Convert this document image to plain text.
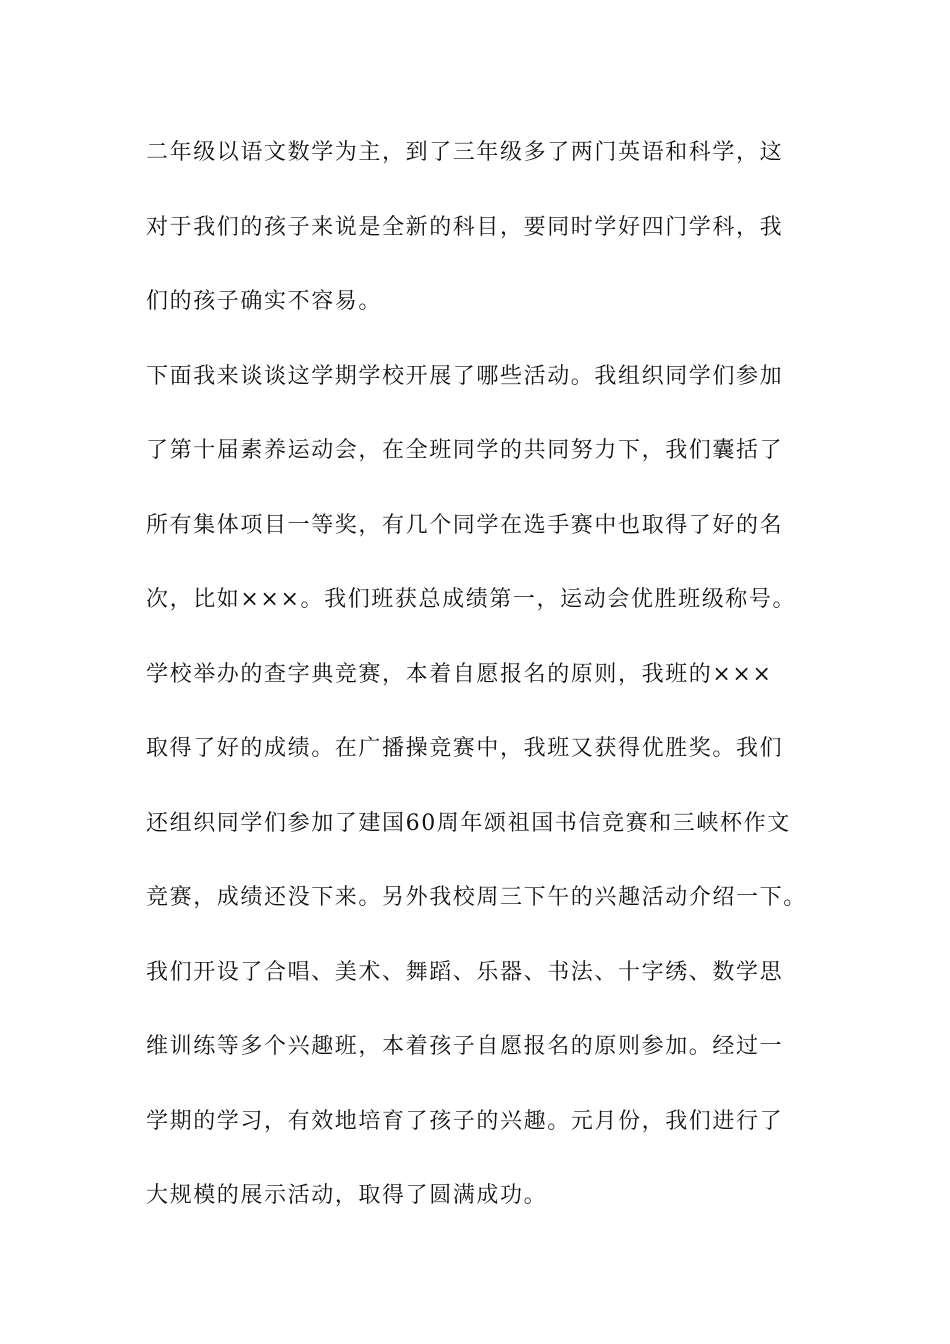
二年级以语文数学为主，到了三年级多了两门英语和科学，这
对于我们的孩子来说是全新的科目，要同时学好四门学科，我
们的孩子确实不容易。
下面我来谈谈这学期学校开展了哪些活动。我组织同学们参加
了第十届素养运动会，在全班同学的共同努力下，我们囊括了
所有集体项目一等奖，有几个同学在选手赛中也取得了好的名
次，比如×××。我们班获总成绩第一，运动会优胜班级称号。
学校举办的查字典竞赛，本着自愿报名的原则，我班的×××
取得了好的成绩。在广播操竞赛中，我班又获得优胜奖。我们
还组织同学们参加了建国60周年颂祖国书信竞赛和三峡杯作文
竞赛，成绩还没下来。另外我校周三下午的兴趣活动介绍一下。
我们开设了合唱、美术、舞蹈、乐器、书法、十字绣、数学思
维训练等多个兴趣班，本着孩子自愿报名的原则参加。经过一
学期的学习，有效地培育了孩子的兴趣。元月份，我们进行了
大规模的展示活动，取得了圆满成功。
